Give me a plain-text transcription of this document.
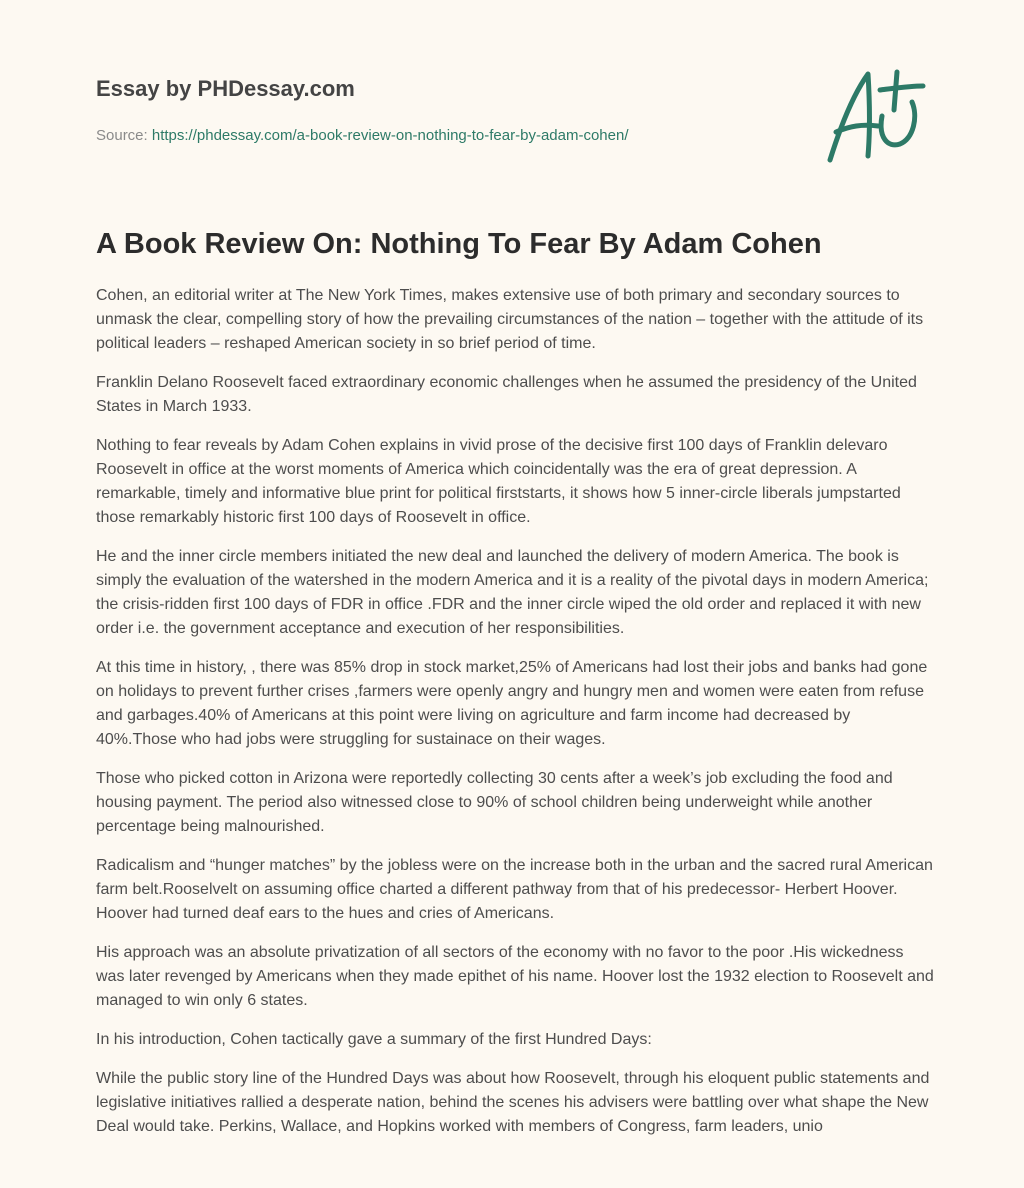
Essay by PHDessay.com
Source: https://phdessay.com/a-book-review-on-nothing-to-fear-by-adam-cohen/
A Book Review On: Nothing To Fear By Adam Cohen

Cohen, an editorial writer at The New York Times, makes extensive use of both primary and secondary sources to unmask the clear, compelling story of how the prevailing circumstances of the nation – together with the attitude of its political leaders – reshaped American society in so brief period of time.

Franklin Delano Roosevelt faced extraordinary economic challenges when he assumed the presidency of the United States in March 1933.

Nothing to fear reveals by Adam Cohen explains in vivid prose of the decisive first 100 days of Franklin delevaro Roosevelt in office at the worst moments of America which coincidentally was the era of great depression. A remarkable, timely and informative blue print for political firststarts, it shows how 5 inner-circle liberals jumpstarted those remarkably historic first 100 days of Roosevelt in office.

He and the inner circle members initiated the new deal and launched the delivery of modern America. The book is simply the evaluation of the watershed in the modern America and it is a reality of the pivotal days in modern America; the crisis-ridden first 100 days of FDR in office .FDR and the inner circle wiped the old order and replaced it with new order i.e. the government acceptance and execution of her responsibilities.

At this time in history, , there was 85% drop in stock market,25% of Americans had lost their jobs and banks had gone on holidays to prevent further crises ,farmers were openly angry and hungry men and women were eaten from refuse and garbages.40% of Americans at this point were living on agriculture and farm income had decreased by 40%.Those who had jobs were struggling for sustainace on their wages.

Those who picked cotton in Arizona were reportedly collecting 30 cents after a week’s job excluding the food and housing payment. The period also witnessed close to 90% of school children being underweight while another percentage being malnourished.

Radicalism and “hunger matches” by the jobless were on the increase both in the urban and the sacred rural American farm belt.Rooselvelt on assuming office charted a different pathway from that of his predecessor- Herbert Hoover. Hoover had turned deaf ears to the hues and cries of Americans.

His approach was an absolute privatization of all sectors of the economy with no favor to the poor .His wickedness was later revenged by Americans when they made epithet of his name. Hoover lost the 1932 election to Roosevelt and managed to win only 6 states.

In his introduction, Cohen tactically gave a summary of the first Hundred Days:

While the public story line of the Hundred Days was about how Roosevelt, through his eloquent public statements and legislative initiatives rallied a desperate nation, behind the scenes his advisers were battling over what shape the New Deal would take. Perkins, Wallace, and Hopkins worked with members of Congress, farm leaders, unio
